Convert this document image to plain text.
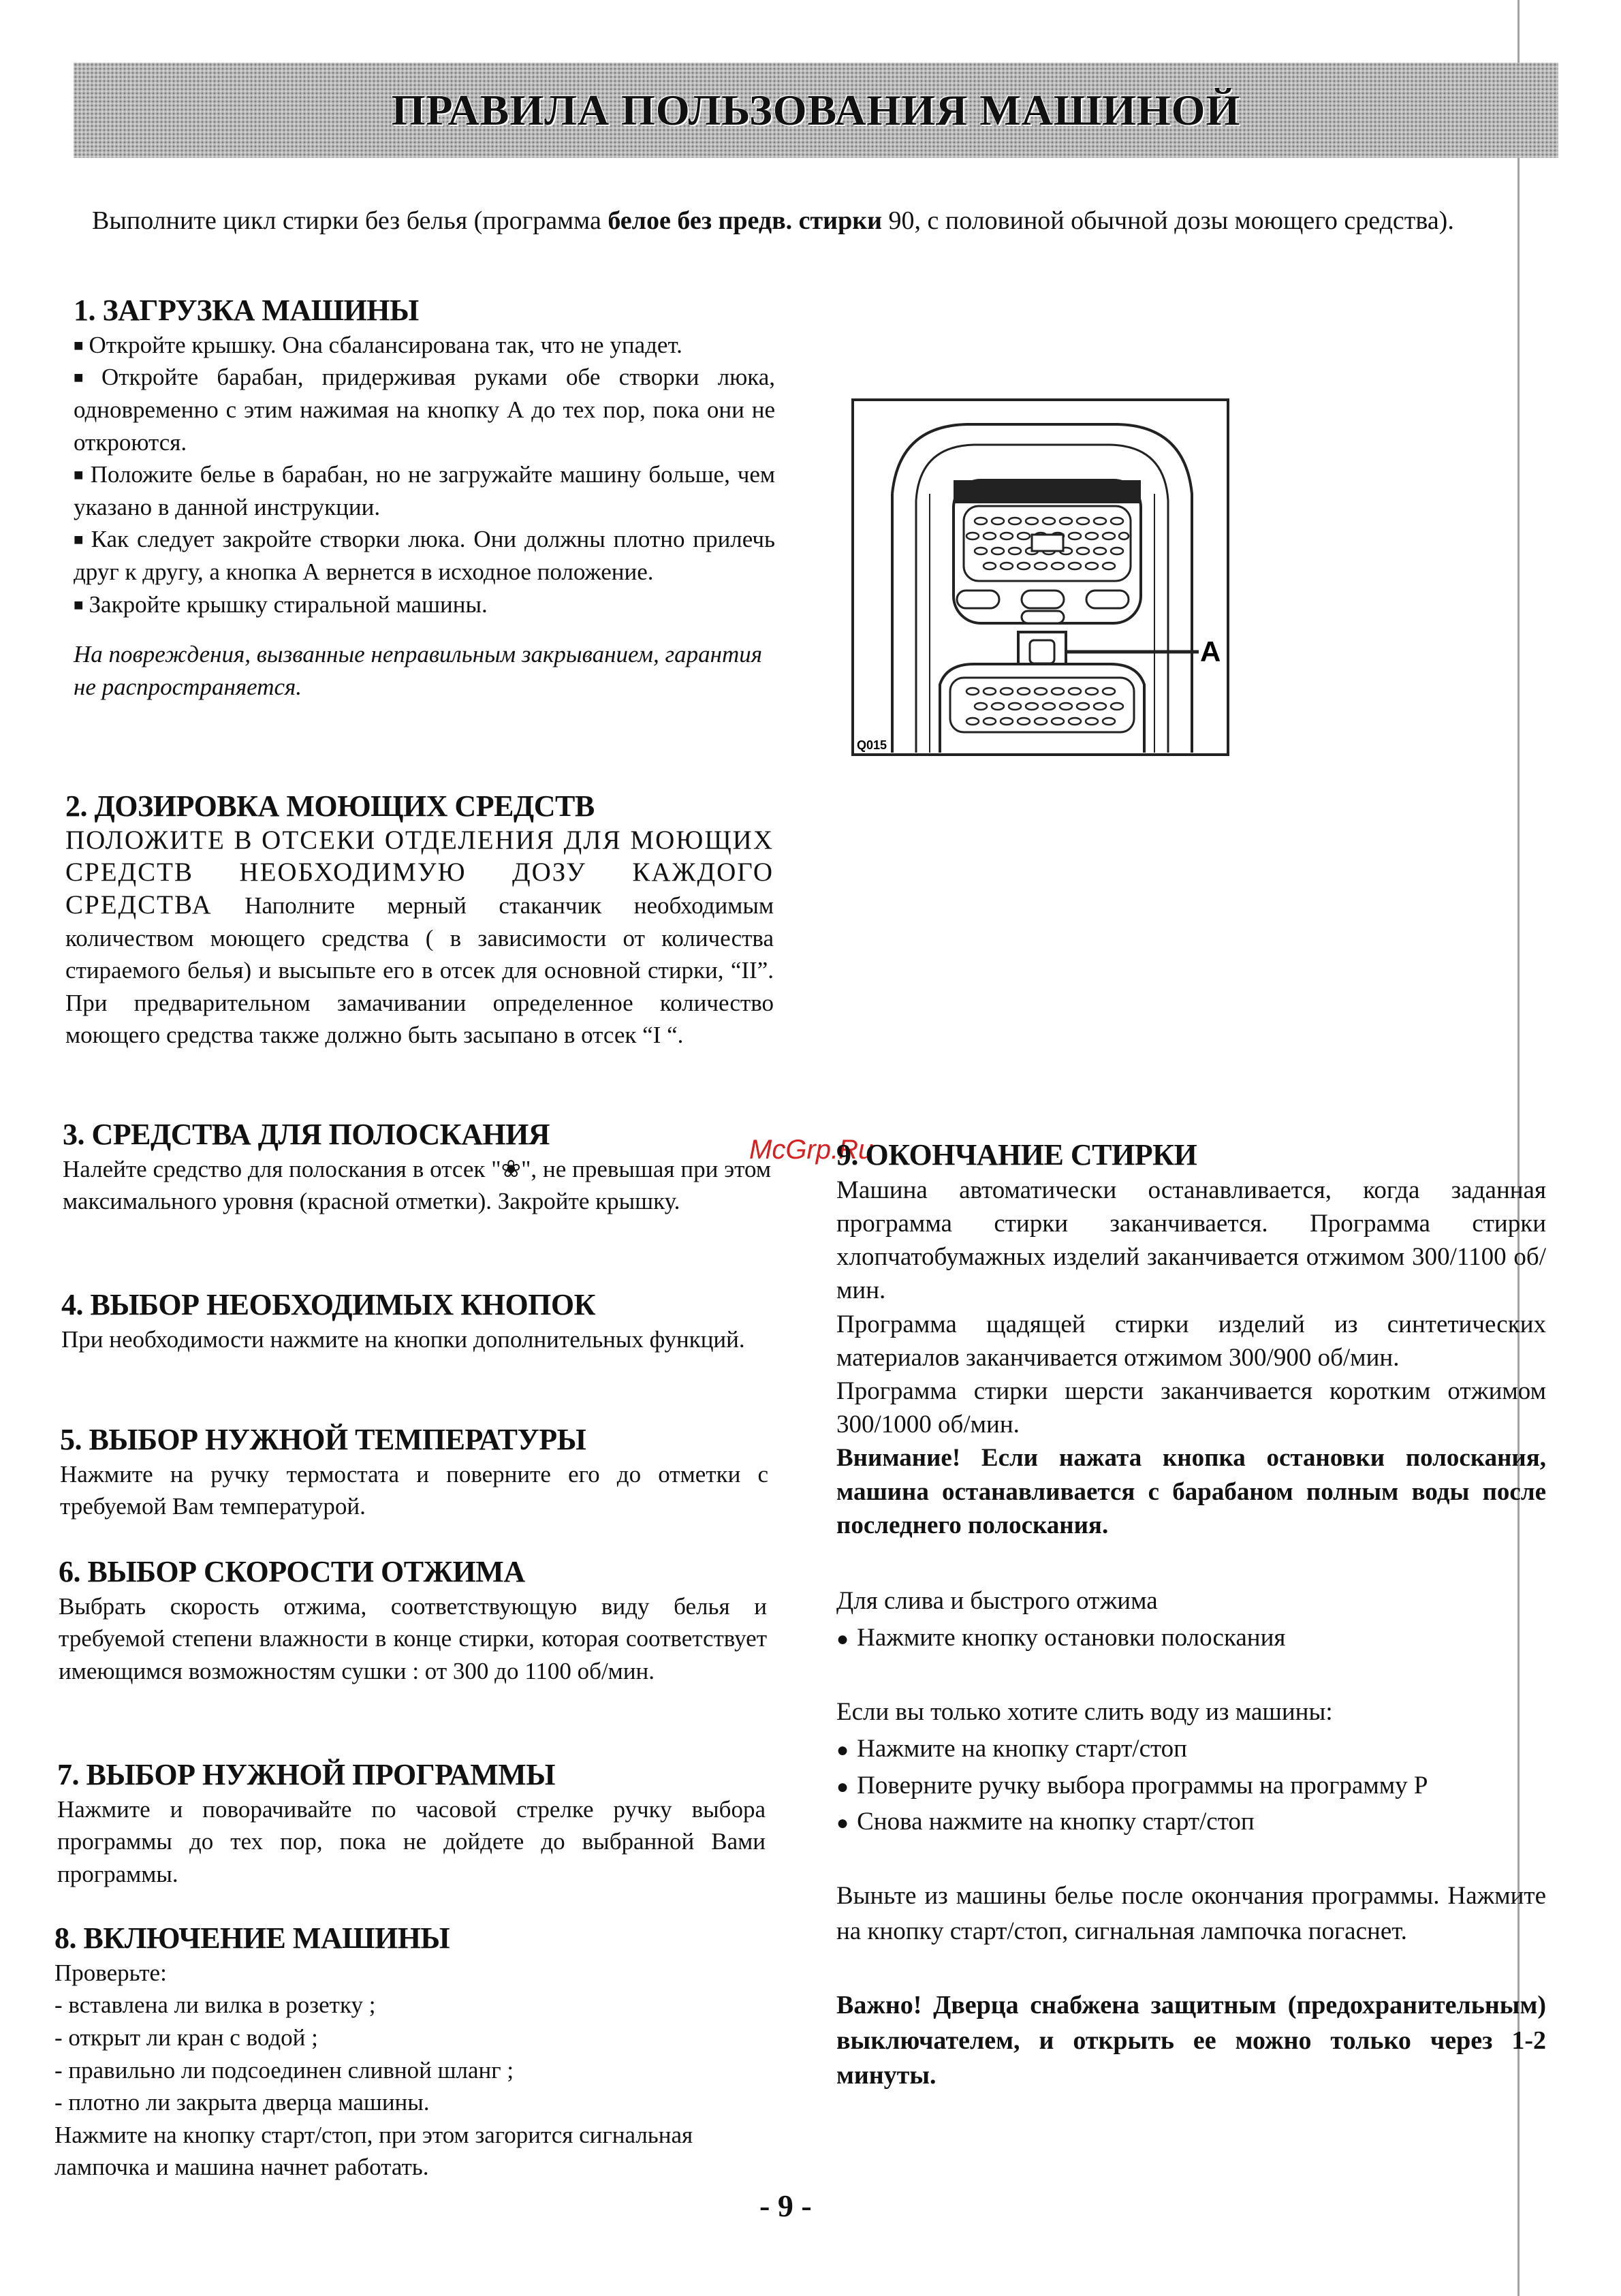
ПРАВИЛА ПОЛЬЗОВАНИЯ МАШИНОЙ
Выполните цикл стирки без белья (программа белое без предв. стирки 90, с половиной обычной дозы моющего средства).
1. ЗАГРУЗКА МАШИНЫ

■ Откройте крышку. Она сбалансирована так, что не упадет.

■ Откройте барабан, придерживая руками обе створки люка, одновременно с этим нажимая на кнопку А до тех пор, пока они не откроются.

■ Положите белье в барабан, но не загружайте машину больше, чем указано в данной инструкции.

■ Как следует закройте створки люка. Они должны плотно прилечь друг к другу, а кнопка А вернется в исходное положение.

■ Закройте крышку стиральной машины.

На повреждения, вызванные неправильным закрыванием, гарантия не распространяется.
A
Q015
2. ДОЗИРОВКА МОЮЩИХ СРЕДСТВ
ПОЛОЖИТЕ В ОТСЕКИ ОТДЕЛЕНИЯ ДЛЯ МОЮЩИХ СРЕДСТВ НЕОБХОДИМУЮ ДОЗУ КАЖДОГО СРЕДСТВА Наполните мерный стаканчик необходимым количеством моющего средства ( в зависимости от количества стираемого белья) и высыпьте его в отсек для основной стирки, “II”. При предварительном замачивании определенное количество моющего средства также должно быть засыпано в отсек “I “.
3. СРЕДСТВА ДЛЯ ПОЛОСКАНИЯ
Налейте средство для полоскания в отсек "❀", не превышая при этом максимального уровня (красной отметки). Закройте крышку.
4. ВЫБОР НЕОБХОДИМЫХ КНОПОК
При необходимости нажмите на кнопки дополнительных функций.
5. ВЫБОР НУЖНОЙ ТЕМПЕРАТУРЫ
Нажмите на ручку термостата и поверните его до отметки с требуемой Вам температурой.
6. ВЫБОР СКОРОСТИ ОТЖИМА
Выбрать скорость отжима, соответствующую виду белья и требуемой степени влажности в конце стирки, которая соответствует имеющимся возможностям сушки : от 300 до 1100 об/мин.
7. ВЫБОР НУЖНОЙ ПРОГРАММЫ
Нажмите и поворачивайте по часовой стрелке ручку выбора программы до тех пор, пока не дойдете до выбранной Вами программы.
8. ВКЛЮЧЕНИЕ МАШИНЫ

Проверьте:

- вставлена ли вилка в розетку ;

- открыт ли кран с водой ;

- правильно ли подсоединен сливной шланг ;

- плотно ли закрыта дверца машины.

Нажмите на кнопку старт/стоп, при этом загорится сигнальная лампочка и машина начнет работать.

McGrp.Ru
9. ОКОНЧАНИЕ СТИРКИ

Машина автоматически останавливается, когда заданная программа стирки заканчивается. Программа стирки хлопчатобумажных изделий заканчивается отжимом 300/1100 об/мин.

Программа щадящей стирки изделий из синтетических материалов заканчивается отжимом 300/900 об/мин.

Программа стирки шерсти заканчивается коротким отжимом 300/1000 об/мин.

Внимание! Если нажата кнопка остановки полоскания, машина останавливается с барабаном полным воды после последнего полоскания.

Для слива и быстрого отжима

● Нажмите кнопку остановки полоскания

Если вы только хотите слить воду из машины:

● Нажмите на кнопку старт/стоп

● Поверните ручку выбора программы на программу Р

● Снова нажмите на кнопку старт/стоп

Выньте из машины белье после окончания программы. Нажмите на кнопку старт/стоп, сигнальная лампочка погаснет.
Важно! Дверца снабжена защитным (предохранительным) выключателем, и открыть ее можно только через 1-2 минуты.
- 9 -
